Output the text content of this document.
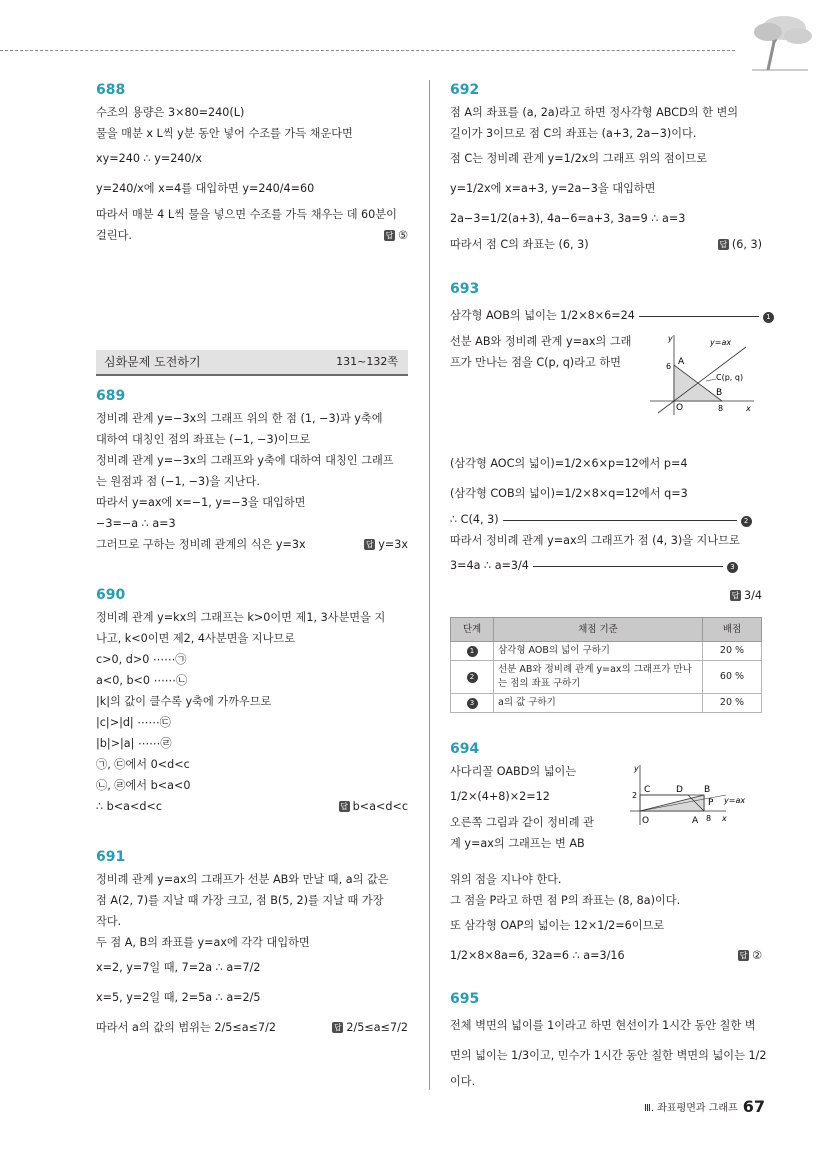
688
수조의 용량은 3×80=240(L)
물을 매분 x L씩 y분 동안 넣어 수조를 가득 채운다면
xy=240 ∴ y=240/x
y=240/x에 x=4를 대입하면 y=240/4=60
따라서 매분 4 L씩 물을 넣으면 수조를 가득 채우는 데 60분이
걸린다.	답 ⑤
심화문제 도전하기	131~132쪽
689
정비례 관계 y=−3x의 그래프 위의 한 점 (1, −3)과 y축에
대하여 대칭인 점의 좌표는 (−1, −3)이므로
정비례 관계 y=−3x의 그래프와 y축에 대하여 대칭인 그래프
는 원점과 점 (−1, −3)을 지난다.
따라서 y=ax에 x=−1, y=−3을 대입하면
−3=−a ∴ a=3
그러므로 구하는 정비례 관계의 식은 y=3x	답 y=3x
690
정비례 관계 y=kx의 그래프는 k>0이면 제1, 3사분면을 지
나고, k<0이면 제2, 4사분면을 지나므로
c>0, d>0 ⋯⋯㉠
a<0, b<0 ⋯⋯㉡
|k|의 값이 클수록 y축에 가까우므로
|c|>|d| ⋯⋯㉢
|b|>|a| ⋯⋯㉣
㉠, ㉢에서 0<d<c
㉡, ㉣에서 b<a<0
∴ b<a<d<c	답 b<a<d<c
691
정비례 관계 y=ax의 그래프가 선분 AB와 만날 때, a의 값은
점 A(2, 7)를 지날 때 가장 크고, 점 B(5, 2)를 지날 때 가장
작다.
두 점 A, B의 좌표를 y=ax에 각각 대입하면
x=2, y=7일 때, 7=2a ∴ a=7/2
x=5, y=2일 때, 2=5a ∴ a=2/5
따라서 a의 값의 범위는 2/5≤a≤7/2	답 2/5≤a≤7/2
692
점 A의 좌표를 (a, 2a)라고 하면 정사각형 ABCD의 한 변의
길이가 3이므로 점 C의 좌표는 (a+3, 2a−3)이다.
점 C는 정비례 관계 y=1/2x의 그래프 위의 점이므로
y=1/2x에 x=a+3, y=2a−3을 대입하면
2a−3=1/2(a+3), 4a−6=a+3, 3a=9 ∴ a=3
따라서 점 C의 좌표는 (6, 3)	답 (6, 3)
693
삼각형 AOB의 넓이는 1/2×8×6=24	1
선분 AB와 정비례 관계 y=ax의 그래
프가 만나는 점을 C(p, q)라고 하면
y	y=ax
A
6
C(p, q)
B
O	8	x
(삼각형 AOC의 넓이)=1/2×6×p=12에서 p=4
(삼각형 COB의 넓이)=1/2×8×q=12에서 q=3
∴ C(4, 3)	2
따라서 정비례 관계 y=ax의 그래프가 점 (4, 3)을 지나므로
3=4a ∴ a=3/4	3
답 3/4
단계	채점 기준	배점
1	삼각형 AOB의 넓이 구하기	20 %
2	선분 AB와 정비례 관계 y=ax의 그래프가 만나는 점의 좌표 구하기	60 %
3	a의 값 구하기	20 %
694
사다리꼴 OABD의 넓이는
1/2×(4+8)×2=12
오른쪽 그림과 같이 정비례 관
계 y=ax의 그래프는 변 AB
y
2
C	D B
P y=ax
O	A 8 x
위의 점을 지나야 한다.
그 점을 P라고 하면 점 P의 좌표는 (8, 8a)이다.
또 삼각형 OAP의 넓이는 12×1/2=6이므로
1/2×8×8a=6, 32a=6 ∴ a=3/16	답 ②
695
전체 벽면의 넓이를 1이라고 하면 현선이가 1시간 동안 칠한 벽
면의 넓이는 1/3이고, 민수가 1시간 동안 칠한 벽면의 넓이는 1/2
이다.
Ⅲ. 좌표평면과 그래프 67
